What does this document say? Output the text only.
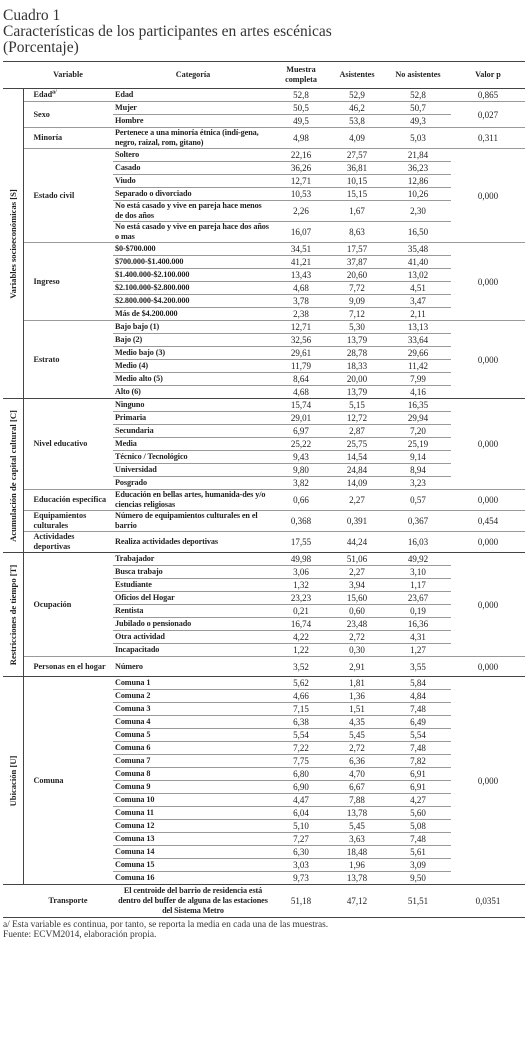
Cuadro 1
Características de los participantes en artes escénicas
(Porcentaje)
	Variable	Categoría	Muestra completa	Asistentes	No asistentes	Valor p

Variables socioeconómicas [S]	Edad$^{a/}$	Edad	52,8	52,9	52,8	0,865
	Sexo	Mujer	50,5	46,2	50,7	0,027
		Hombre	49,5	53,8	49,3	
	Minoría	Pertenece a una minoría étnica (indí-gena, negro, raizal, rom, gitano)	4,98	4,09	5,03	0,311
	Estado civil	Soltero	22,16	27,57	21,84	0,000
		Casado	36,26	36,81	36,23	
		Viudo	12,71	10,15	12,86	
		Separado o divorciado	10,53	15,15	10,26	
		No está casado y vive en pareja hace menos de dos años	2,26	1,67	2,30	
		No está casado y vive en pareja hace dos años o mas	16,07	8,63	16,50	
	Ingreso	$0-$700.000	34,51	17,57	35,48	0,000
		$700.000-$1.400.000	41,21	37,87	41,40	
		$1.400.000-$2.100.000	13,43	20,60	13,02	
		$2.100.000-$2.800.000	4,68	7,72	4,51	
		$2.800.000-$4.200.000	3,78	9,09	3,47	
		Más de $4.200.000	2,38	7,12	2,11	
	Estrato	Bajo bajo (1)	12,71	5,30	13,13	0,000
		Bajo (2)	32,56	13,79	33,64	
		Medio bajo (3)	29,61	28,78	29,66	
		Medio (4)	11,79	18,33	11,42	
		Medio alto (5)	8,64	20,00	7,99	
		Alto (6)	4,68	13,79	4,16	

Acumulación de capital cultural [C]	Nivel educativo	Ninguno	15,74	5,15	16,35	0,000
		Primaria	29,01	12,72	29,94	
		Secundaria	6,97	2,87	7,20	
		Media	25,22	25,75	25,19	
		Técnico / Tecnológico	9,43	14,54	9,14	
		Universidad	9,80	24,84	8,94	
		Posgrado	3,82	14,09	3,23	
	Educación específica	Educación en bellas artes, humanida-des y/o ciencias religiosas	0,66	2,27	0,57	0,000
	Equipamientos culturales	Número de equipamientos culturales en el barrio	0,368	0,391	0,367	0,454
	Actividades deportivas	Realiza actividades deportivas	17,55	44,24	16,03	0,000

Restricciones de tiempo [T]	Ocupación	Trabajador	49,98	51,06	49,92	0,000
		Busca trabajo	3,06	2,27	3,10	
		Estudiante	1,32	3,94	1,17	
		Oficios del Hogar	23,23	15,60	23,67	
		Rentista	0,21	0,60	0,19	
		Jubilado o pensionado	16,74	23,48	16,36	
		Otra actividad	4,22	2,72	4,31	
		Incapacitado	1,22	0,30	1,27	
	Personas en el hogar	Número	3,52	2,91	3,55	0,000

Ubicación [U]	Comuna	Comuna 1	5,62	1,81	5,84	0,000
		Comuna 2	4,66	1,36	4,84	
		Comuna 3	7,15	1,51	7,48	
		Comuna 4	6,38	4,35	6,49	
		Comuna 5	5,54	5,45	5,54	
		Comuna 6	7,22	2,72	7,48	
		Comuna 7	7,75	6,36	7,82	
		Comuna 8	6,80	4,70	6,91	
		Comuna 9	6,90	6,67	6,91	
		Comuna 10	4,47	7,88	4,27	
		Comuna 11	6,04	13,78	5,60	
		Comuna 12	5,10	5,45	5,08	
		Comuna 13	7,27	3,63	7,48	
		Comuna 14	6,30	18,48	5,61	
		Comuna 15	3,03	1,96	3,09	
		Comuna 16	9,73	13,78	9,50	
	Transporte	El centroide del barrio de residencia está dentro del buffer de alguna de las estaciones del Sistema Metro	51,18	47,12	51,51	0,0351
a/ Esta variable es continua, por tanto, se reporta la media en cada una de las muestras.
Fuente: ECVM2014, elaboración propia.
